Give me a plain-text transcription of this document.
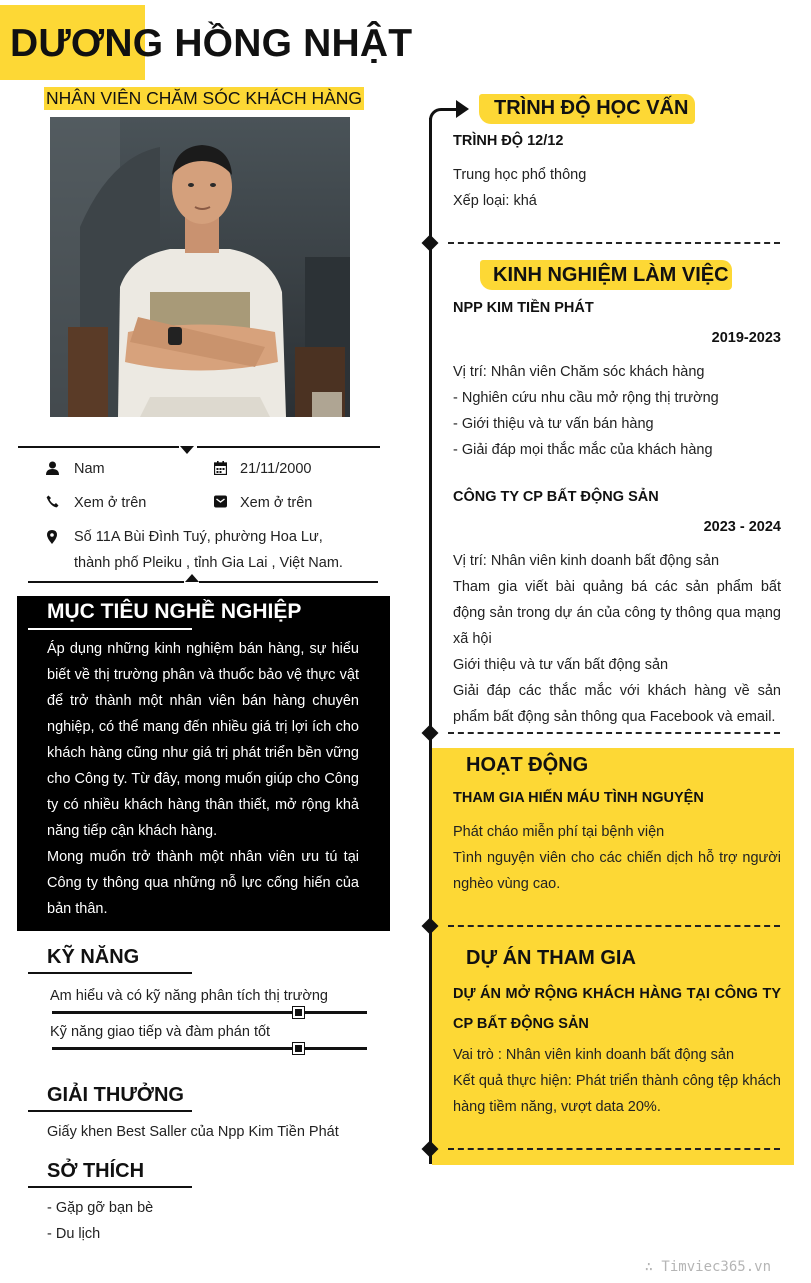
DƯƠNG HỒNG NHẬT
NHÂN VIÊN CHĂM SÓC KHÁCH HÀNG
Nam	21/11/2000
Xem ở trên	Xem ở trên
Số 11A Bùi Đình Tuý, phường Hoa Lư,
thành phố Pleiku , tỉnh Gia Lai , Việt Nam.
MỤC TIÊU NGHỀ NGHIỆP

Áp dụng những kinh nghiệm bán hàng, sự hiểu biết về thị trường phân và thuốc bảo vệ thực vật để trở thành một nhân viên bán hàng chuyên nghiệp, có thể mang đến nhiều giá trị lợi ích cho khách hàng cũng như giá trị phát triển bền vững cho Công ty. Từ đây, mong muốn giúp cho Công ty có nhiều khách hàng thân thiết, mở rộng khả năng tiếp cận khách hàng.

Mong muốn trở thành một nhân viên ưu tú tại Công ty thông qua những nỗ lực cống hiến của bản thân.

KỸ NĂNG
Am hiểu và có kỹ năng phân tích thị trường
Kỹ năng giao tiếp và đàm phán tốt
GIẢI THƯỞNG
Giấy khen Best Saller của Npp Kim Tiền Phát
SỞ THÍCH
- Gặp gỡ bạn bè
- Du lịch
TRÌNH ĐỘ HỌC VẤN
TRÌNH ĐỘ 12/12
Trung học phổ thông
Xếp loại: khá
KINH NGHIỆM LÀM VIỆC
NPP KIM TIỀN PHÁT
2019-2023
Vị trí: Nhân viên Chăm sóc khách hàng
- Nghiên cứu nhu cầu mở rộng thị trường
- Giới thiệu và tư vấn bán hàng
- Giải đáp mọi thắc mắc của khách hàng
CÔNG TY CP BẤT ĐỘNG SẢN
2023 - 2024
Vị trí: Nhân viên kinh doanh bất động sản
Tham gia viết bài quảng bá các sản phẩm bất động sản trong dự án của công ty thông qua mạng xã hội
Giới thiệu và tư vấn bất động sản
Giải đáp các thắc mắc với khách hàng về sản phẩm bất động sản thông qua Facebook và email.
HOẠT ĐỘNG
THAM GIA HIẾN MÁU TÌNH NGUYỆN
Phát cháo miễn phí tại bệnh viện
Tình nguyện viên cho các chiến dịch hỗ trợ người nghèo vùng cao.
DỰ ÁN THAM GIA
DỰ ÁN MỞ RỘNG KHÁCH HÀNG TẠI CÔNG TY CP BẤT ĐỘNG SẢN
Vai trò : Nhân viên kinh doanh bất động sản
Kết quả thực hiện: Phát triển thành công tệp khách hàng tiềm năng, vượt data 20%.
∴ Timviec365.vn
